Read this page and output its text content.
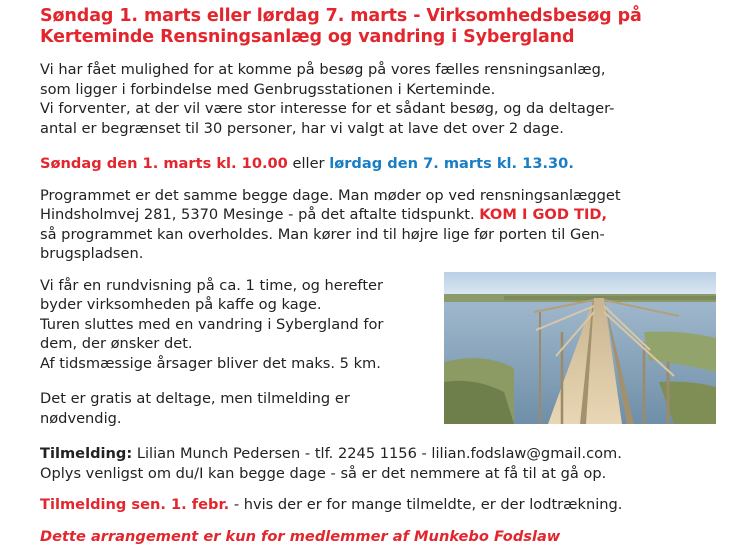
Søndag 1. marts eller lørdag 7. marts - Virksomhedsbesøg på Kerteminde Rensningsanlæg og vandring i Sybergland

Vi har fået mulighed for at komme på besøg på vores fælles rensningsanlæg,

som ligger i forbindelse med Genbrugsstationen i Kerteminde.

Vi forventer, at der vil være stor interesse for et sådant besøg, og da deltager-

antal er begrænset til 30 personer, har vi valgt at lave det over 2 dage.

Søndag den 1. marts kl. 10.00 eller lørdag den 7. marts kl. 13.30.

Programmet er det samme begge dage. Man møder op ved rensningsanlægget

Hindsholmvej 281, 5370 Mesinge - på det aftalte tidspunkt. KOM I GOD TID,

så programmet kan overholdes. Man kører ind til højre lige før porten til Gen-

brugspladsen.

Vi får en rundvisning på ca. 1 time, og herefter

byder virksomheden på kaffe og kage.

Turen sluttes med en vandring i Sybergland for

dem, der ønsker det.

Af tidsmæssige årsager bliver det maks. 5 km.

Det er gratis at deltage, men tilmelding er

nødvendig.

Tilmelding: Lilian Munch Pedersen - tlf. 2245 1156 - lilian.fodslaw@gmail.com.

Oplys venligst om du/I kan begge dage - så er det nemmere at få til at gå op.

Tilmelding sen. 1. febr. - hvis der er for mange tilmeldte, er der lodtrækning.

Dette arrangement er kun for medlemmer af Munkebo Fodslaw
